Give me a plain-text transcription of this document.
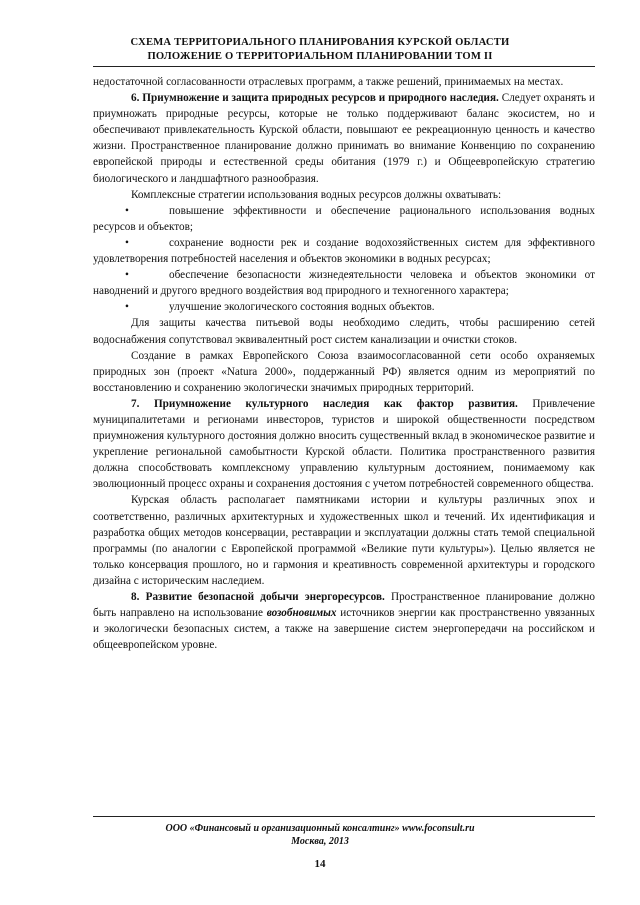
СХЕМА ТЕРРИТОРИАЛЬНОГО ПЛАНИРОВАНИЯ КУРСКОЙ ОБЛАСТИ
ПОЛОЖЕНИЕ О ТЕРРИТОРИАЛЬНОМ ПЛАНИРОВАНИИ ТОМ II

недостаточной согласованности отраслевых программ, а также решений, принимаемых на местах.

6. Приумножение и защита природных ресурсов и природного наследия. Следует охранять и приумножать природные ресурсы, которые не только поддерживают баланс экосистем, но и обеспечивают привлекательность Курской области, повышают ее рекреационную ценность и качество жизни. Пространственное планирование должно принимать во внимание Конвенцию по сохранению европейской природы и естественной среды обитания (1979 г.) и Общеевропейскую стратегию биологического и ландшафтного разнообразия.

Комплексные стратегии использования водных ресурсов должны охватывать:

•	повышение эффективности и обеспечение рационального использования водных ресурсов и объектов;

•	сохранение водности рек и создание водохозяйственных систем для эффективного удовлетворения потребностей населения и объектов экономики в водных ресурсах;

•	обеспечение безопасности жизнедеятельности человека и объектов экономики от наводнений и другого вредного воздействия вод природного и техногенного характера;

•	улучшение экологического состояния водных объектов.

Для защиты качества питьевой воды необходимо следить, чтобы расширению сетей водоснабжения сопутствовал эквивалентный рост систем канализации и очистки стоков.

Создание в рамках Европейского Союза взаимосогласованной сети особо охраняемых природных зон (проект «Natura 2000», поддержанный РФ) является одним из мероприятий по восстановлению и сохранению экологически значимых природных территорий.

7. Приумножение культурного наследия как фактор развития. Привлечение муниципалитетами и регионами инвесторов, туристов и широкой общественности посредством приумножения культурного достояния должно вносить существенный вклад в экономическое развитие и укрепление региональной самобытности Курской области. Политика пространственного развития должна способствовать комплексному управлению культурным достоянием, понимаемому как эволюционный процесс охраны и сохранения достояния с учетом потребностей современного общества.

Курская область располагает памятниками истории и культуры различных эпох и соответственно, различных архитектурных и художественных школ и течений. Их идентификация и разработка общих методов консервации, реставрации и эксплуатации должны стать темой специальной программы (по аналогии с Европейской программой «Великие пути культуры»). Целью является не только консервация прошлого, но и гармония и креативность современной архитектуры и городского дизайна с историческим наследием.

8. Развитие безопасной добычи энергоресурсов. Пространственное планирование должно быть направлено на использование возобновимых источников энергии как пространственно увязанных и экологически безопасных систем, а также на завершение систем энергопередачи на российском и общеевропейском уровне.

ООО «Финансовый и организационный консалтинг» www.foconsult.ru
Москва, 2013
14
